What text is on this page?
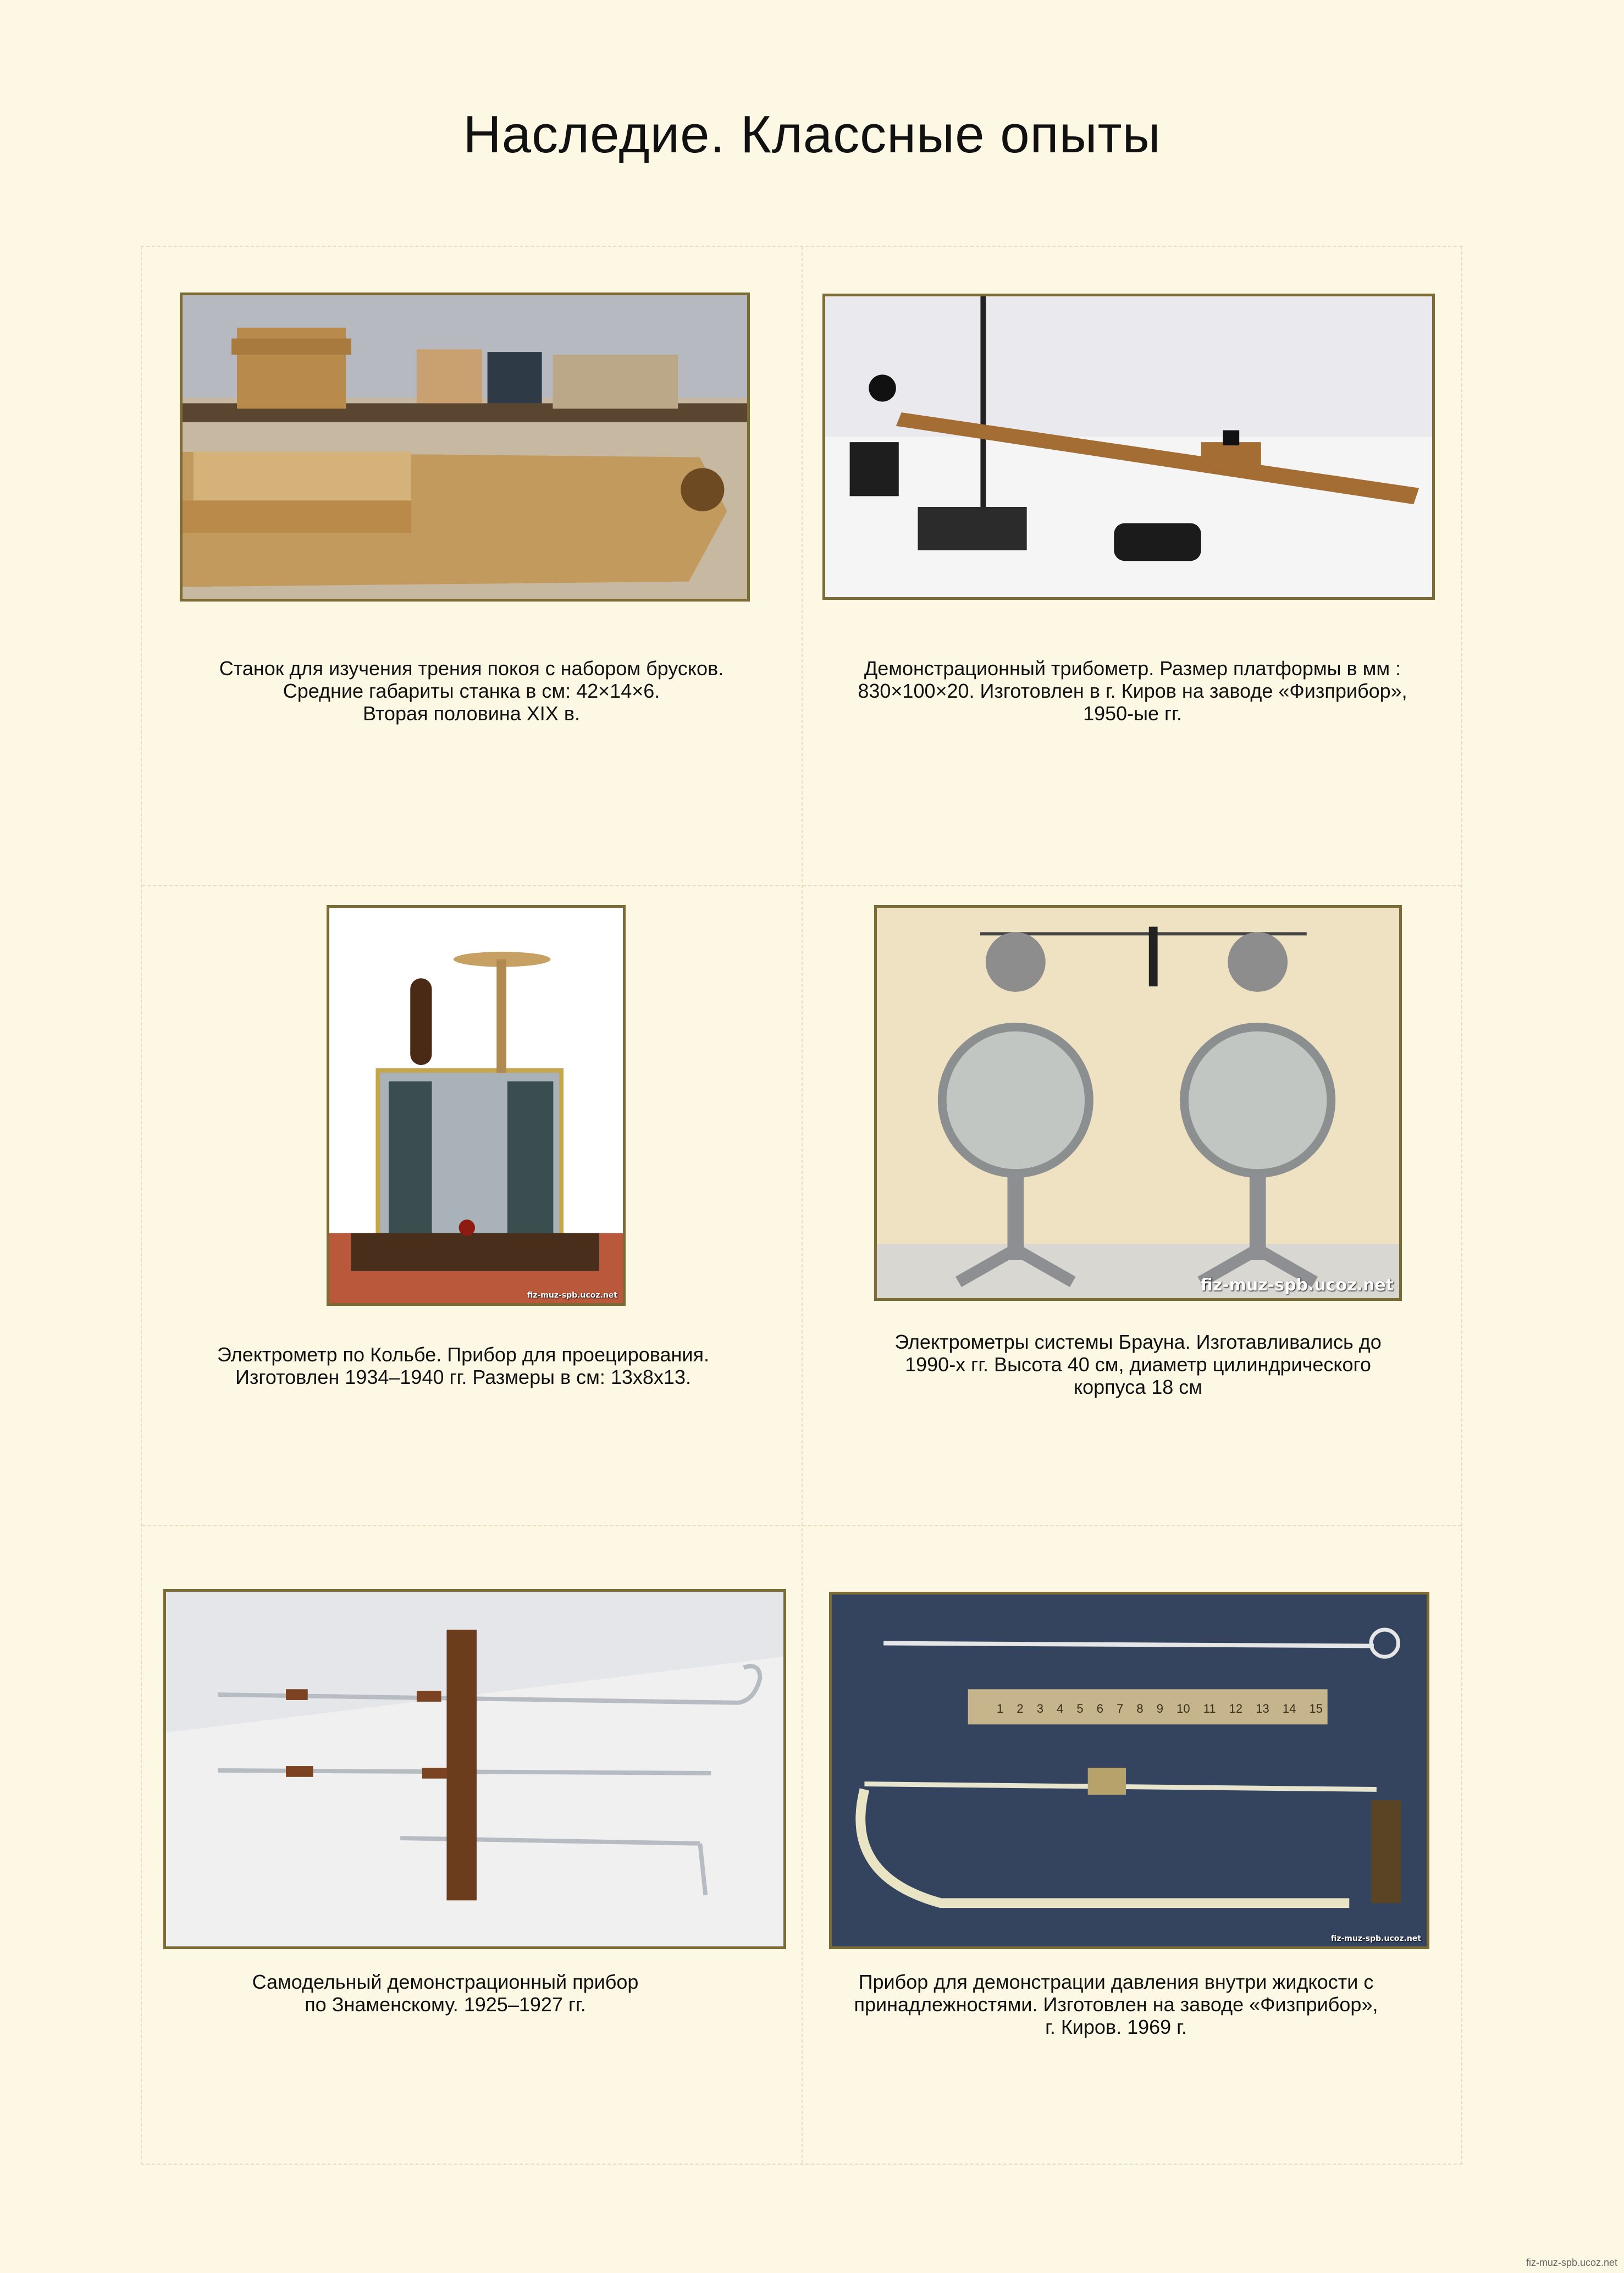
Наследие. Классные опыты
Станок для изучения трения покоя с набором брусков.
Средние габариты станка в см: 42×14×6.
Вторая половина XIX в.
Демонстрационный трибометр. Размер платформы в мм :
830×100×20. Изготовлен в г. Киров на заводе «Физприбор»,
1950-ые гг.
fiz-muz-spb.ucoz.net
Электрометр по Кольбе. Прибор для проецирования.
Изготовлен 1934–1940 гг. Размеры в см: 13х8х13.
fiz-muz-spb.ucoz.net
Электрометры системы Брауна. Изготавливались до
1990-х гг. Высота 40 см, диаметр цилиндрического
корпуса 18 см
Самодельный демонстрационный прибор
по Знаменскому. 1925–1927 гг.
1 2 3 4 5 6 7 8 9 10 11 12 13 14 15
fiz-muz-spb.ucoz.net
Прибор для демонстрации давления внутри жидкости с
принадлежностями. Изготовлен на заводе «Физприбор»,
г. Киров. 1969 г.
fiz-muz-spb.ucoz.net
